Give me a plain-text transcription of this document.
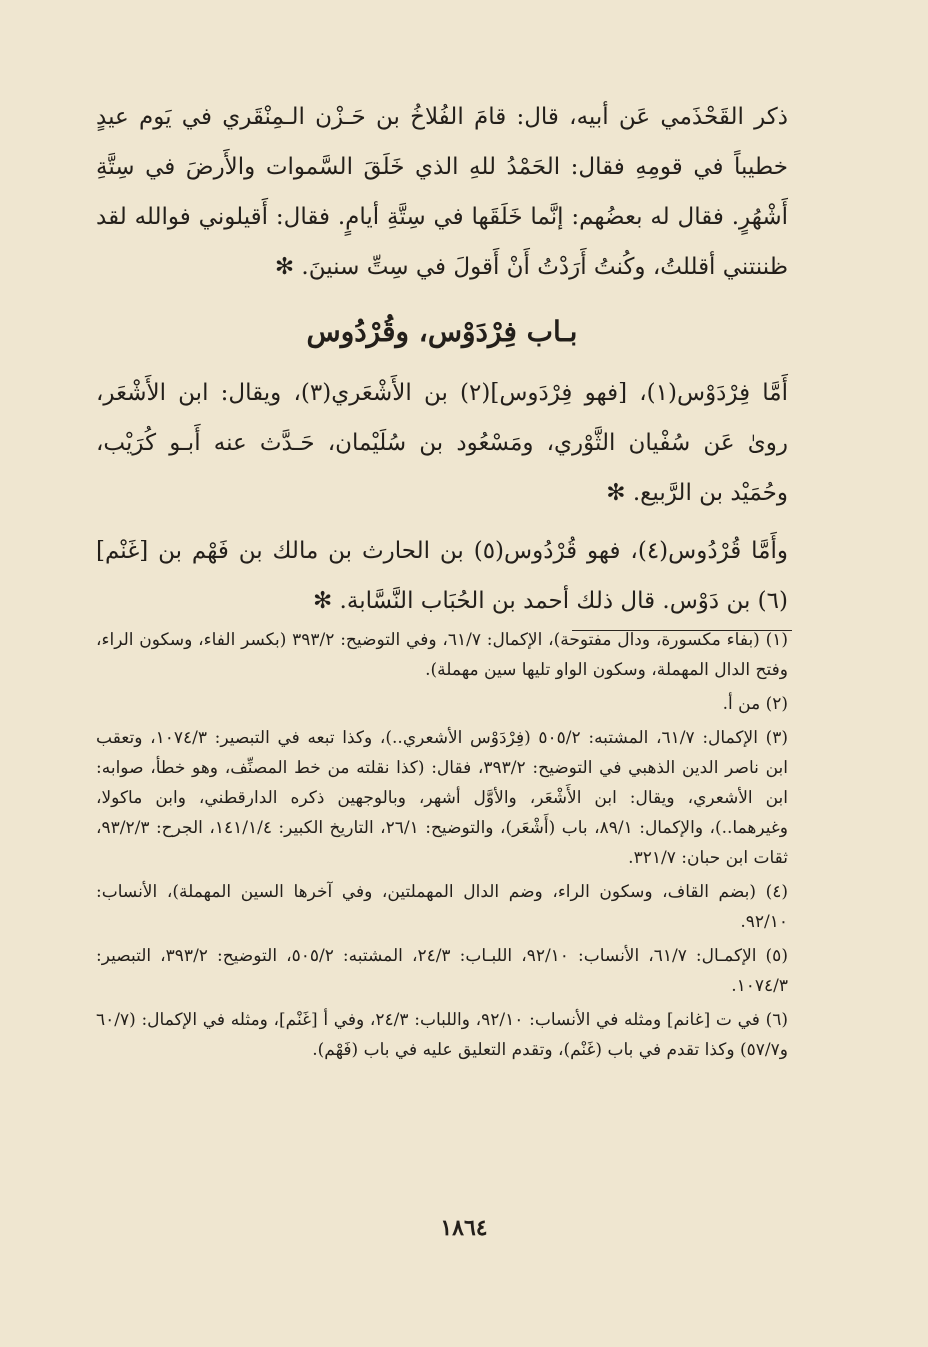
ذكر القَحْذَمي عَن أبيه، قال: قامَ الفُلاخُ بن حَـزْن الـمِنْقَري في يَوم عيدٍ خطيباً في قومِهِ فقال: الحَمْدُ للهِ الذي خَلَقَ السَّموات والأَرضَ في سِتَّةِ أَشْهُرٍ. فقال له بعضُهم: إنَّما خَلَقَها في سِتَّةِ أيامٍ. فقال: أَقيلوني فوالله لقد ظننتني أقللتُ، وكُنتُ أَرَدْتُ أَنْ أَقولَ في سِتِّ سنينَ. ✻

بـاب فِرْدَوْس، وقُرْدُوس

أَمَّا فِرْدَوْس(١)، [فهو فِرْدَوس](٢) بن الأَشْعَري(٣)، ويقال: ابن الأَشْعَر، روىٰ عَن سُفْيان الثَّوْري، ومَسْعُود بن سُلَيْمان، حَـدَّث عنه أَبـو كُرَيْب، وحُمَيْد بن الرَّبيع. ✻

وأَمَّا قُرْدُوس(٤)، فهو قُرْدُوس(٥) بن الحارث بن مالك بن فَهْم بن [غَنْم](٦) بن دَوْس. قال ذلك أحمد بن الحُبَاب النَّسَّابة. ✻

(١) (بفاء مكسورة، ودال مفتوحة)، الإكمال: ٦١/٧، وفي التوضيح: ٣٩٣/٢ (بكسر الفاء، وسكون الراء، وفتح الدال المهملة، وسكون الواو تليها سين مهملة).

(٢) من أ.

(٣) الإكمال: ٦١/٧، المشتبه: ٥٠٥/٢ (فِرْدَوْس الأشعري..)، وكذا تبعه في التبصير: ١٠٧٤/٣، وتعقب ابن ناصر الدين الذهبي في التوضيح: ٣٩٣/٢، فقال: (كذا نقلته من خط المصنِّف، وهو خطأ، صوابه: ابن الأشعري، ويقال: ابن الأَشْعَر، والأوَّل أشهر، وبالوجهين ذكره الدارقطني، وابن ماكولا، وغيرهما..)، والإكمال: ٨٩/١، باب (أَشْعَر)، والتوضيح: ٢٦/١، التاريخ الكبير: ١٤١/١/٤، الجرح: ٩٣/٢/٣، ثقات ابن حبان: ٣٢١/٧.

(٤) (بضم القاف، وسكون الراء، وضم الدال المهملتين، وفي آخرها السين المهملة)، الأنساب: ٩٢/١٠.

(٥) الإكمـال: ٦١/٧، الأنساب: ٩٢/١٠، اللبـاب: ٢٤/٣، المشتبه: ٥٠٥/٢، التوضيح: ٣٩٣/٢، التبصير: ١٠٧٤/٣.

(٦) في ت [غانم] ومثله في الأنساب: ٩٢/١٠، واللباب: ٢٤/٣، وفي أ [غَنْم]، ومثله في الإكمال: (٦٠/٧ و٥٧/٧) وكذا تقدم في باب (غَنْم)، وتقدم التعليق عليه في باب (فَهْم).

١٨٦٤
